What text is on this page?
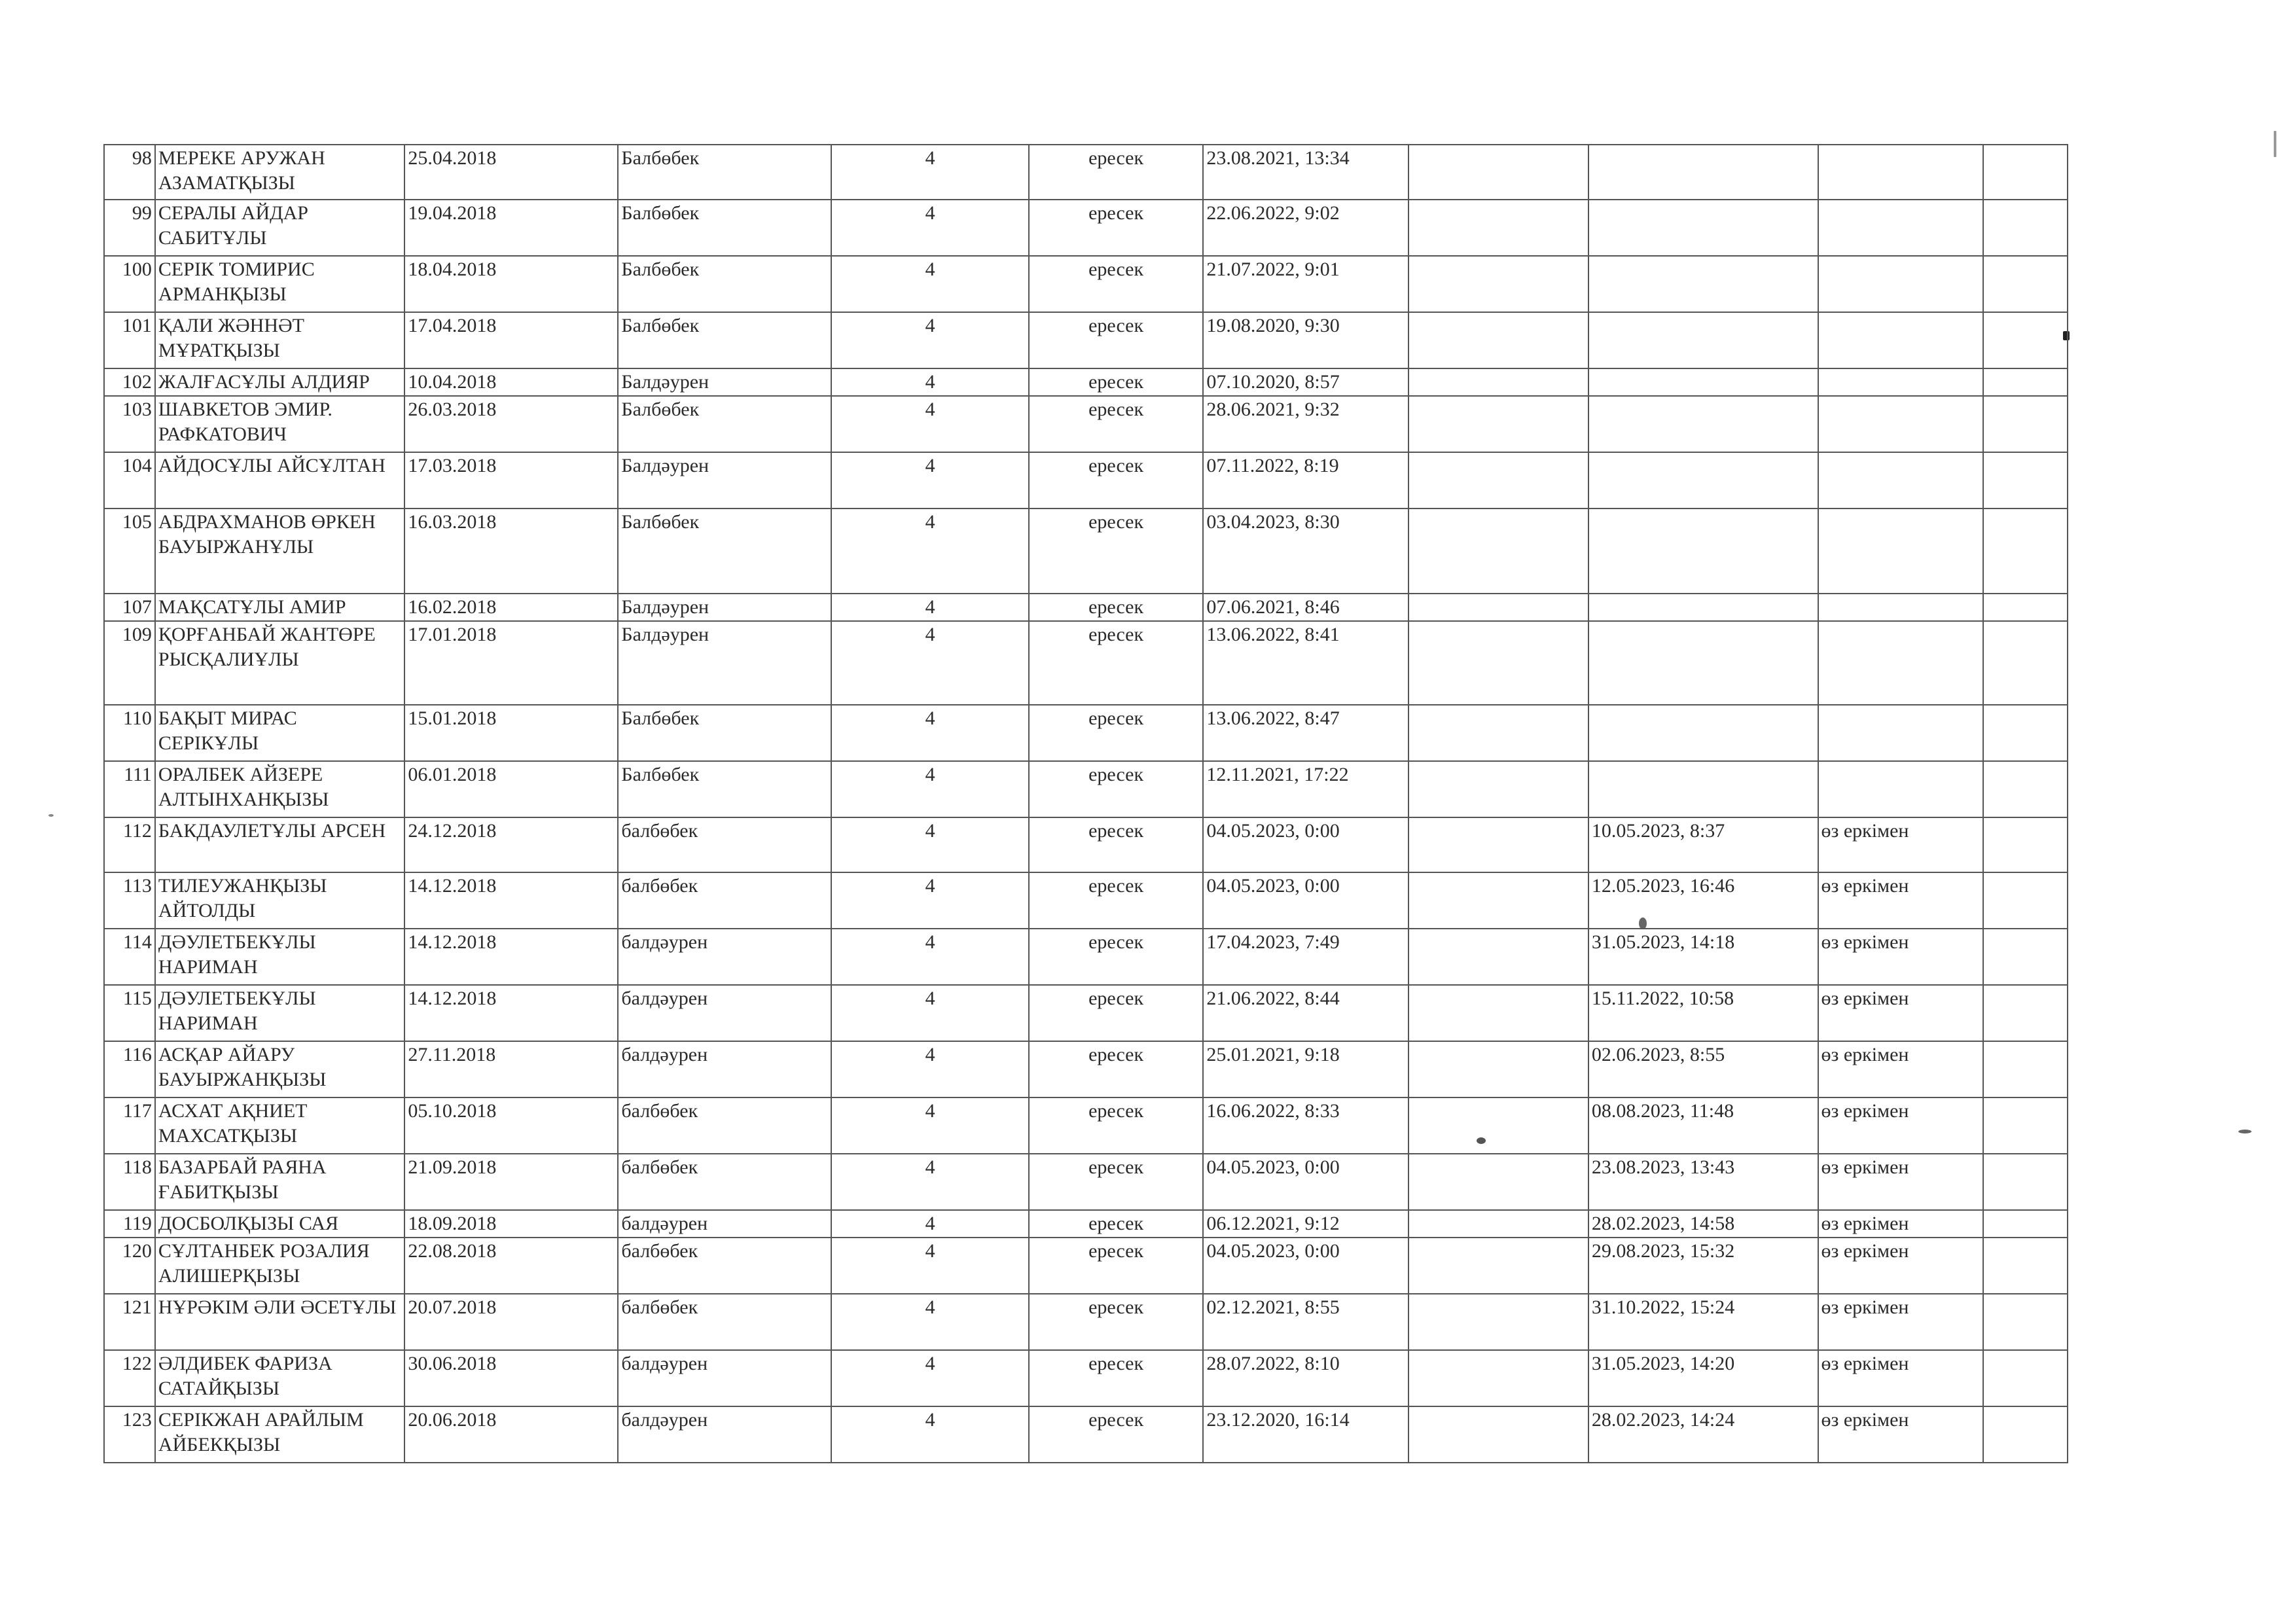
98	МЕРЕКЕ АРУЖАН АЗАМАТҚЫЗЫ	25.04.2018	Балбөбек	4	ересек	23.08.2021, 13:34				
99	СЕРАЛЫ АЙДАР САБИТҰЛЫ	19.04.2018	Балбөбек	4	ересек	22.06.2022, 9:02				
100	СЕРІК ТОМИРИС АРМАНҚЫЗЫ	18.04.2018	Балбөбек	4	ересек	21.07.2022, 9:01				
101	ҚАЛИ ЖӘННӘТ МҰРАТҚЫЗЫ	17.04.2018	Балбөбек	4	ересек	19.08.2020, 9:30				
102	ЖАЛҒАСҰЛЫ АЛДИЯР	10.04.2018	Балдәурен	4	ересек	07.10.2020, 8:57				
103	ШАВКЕТОВ ЭМИР. РАФКАТОВИЧ	26.03.2018	Балбөбек	4	ересек	28.06.2021, 9:32				
104	АЙДОСҰЛЫ АЙСҰЛТАН	17.03.2018	Балдәурен	4	ересек	07.11.2022, 8:19				
105	АБДРАХМАНОВ ӨРКЕН БАУЫРЖАНҰЛЫ	16.03.2018	Балбөбек	4	ересек	03.04.2023, 8:30				
107	МАҚСАТҰЛЫ АМИР	16.02.2018	Балдәурен	4	ересек	07.06.2021, 8:46				
109	ҚОРҒАНБАЙ ЖАНТӨРЕ РЫСҚАЛИҰЛЫ	17.01.2018	Балдәурен	4	ересек	13.06.2022, 8:41				
110	БАҚЫТ МИРАС СЕРІКҰЛЫ	15.01.2018	Балбөбек	4	ересек	13.06.2022, 8:47				
111	ОРАЛБЕК АЙЗЕРЕ АЛТЫНХАНҚЫЗЫ	06.01.2018	Балбөбек	4	ересек	12.11.2021, 17:22				
112	БАКДАУЛЕТҰЛЫ АРСЕН	24.12.2018	балбөбек	4	ересек	04.05.2023, 0:00		10.05.2023, 8:37	өз еркімен	
113	ТИЛЕУЖАНҚЫЗЫ АЙТОЛДЫ	14.12.2018	балбөбек	4	ересек	04.05.2023, 0:00		12.05.2023, 16:46	өз еркімен	
114	ДӘУЛЕТБЕКҰЛЫ НАРИМАН	14.12.2018	балдәурен	4	ересек	17.04.2023, 7:49		31.05.2023, 14:18	өз еркімен	
115	ДӘУЛЕТБЕКҰЛЫ НАРИМАН	14.12.2018	балдәурен	4	ересек	21.06.2022, 8:44		15.11.2022, 10:58	өз еркімен	
116	АСҚАР АЙАРУ БАУЫРЖАНҚЫЗЫ	27.11.2018	балдәурен	4	ересек	25.01.2021, 9:18		02.06.2023, 8:55	өз еркімен	
117	АСХАТ АҚНИЕТ МАХСАТҚЫЗЫ	05.10.2018	балбөбек	4	ересек	16.06.2022, 8:33		08.08.2023, 11:48	өз еркімен	
118	БАЗАРБАЙ РАЯНА ҒАБИТҚЫЗЫ	21.09.2018	балбөбек	4	ересек	04.05.2023, 0:00		23.08.2023, 13:43	өз еркімен	
119	ДОСБОЛҚЫЗЫ САЯ	18.09.2018	балдәурен	4	ересек	06.12.2021, 9:12		28.02.2023, 14:58	өз еркімен	
120	СҰЛТАНБЕК РОЗАЛИЯ АЛИШЕРҚЫЗЫ	22.08.2018	балбөбек	4	ересек	04.05.2023, 0:00		29.08.2023, 15:32	өз еркімен	
121	НҰРӘКІМ ӘЛИ ӘСЕТҰЛЫ	20.07.2018	балбөбек	4	ересек	02.12.2021, 8:55		31.10.2022, 15:24	өз еркімен	
122	ӘЛДИБЕК ФАРИЗА САТАЙҚЫЗЫ	30.06.2018	балдәурен	4	ересек	28.07.2022, 8:10		31.05.2023, 14:20	өз еркімен	
123	СЕРІКЖАН АРАЙЛЫМ АЙБЕКҚЫЗЫ	20.06.2018	балдәурен	4	ересек	23.12.2020, 16:14		28.02.2023, 14:24	өз еркімен	
